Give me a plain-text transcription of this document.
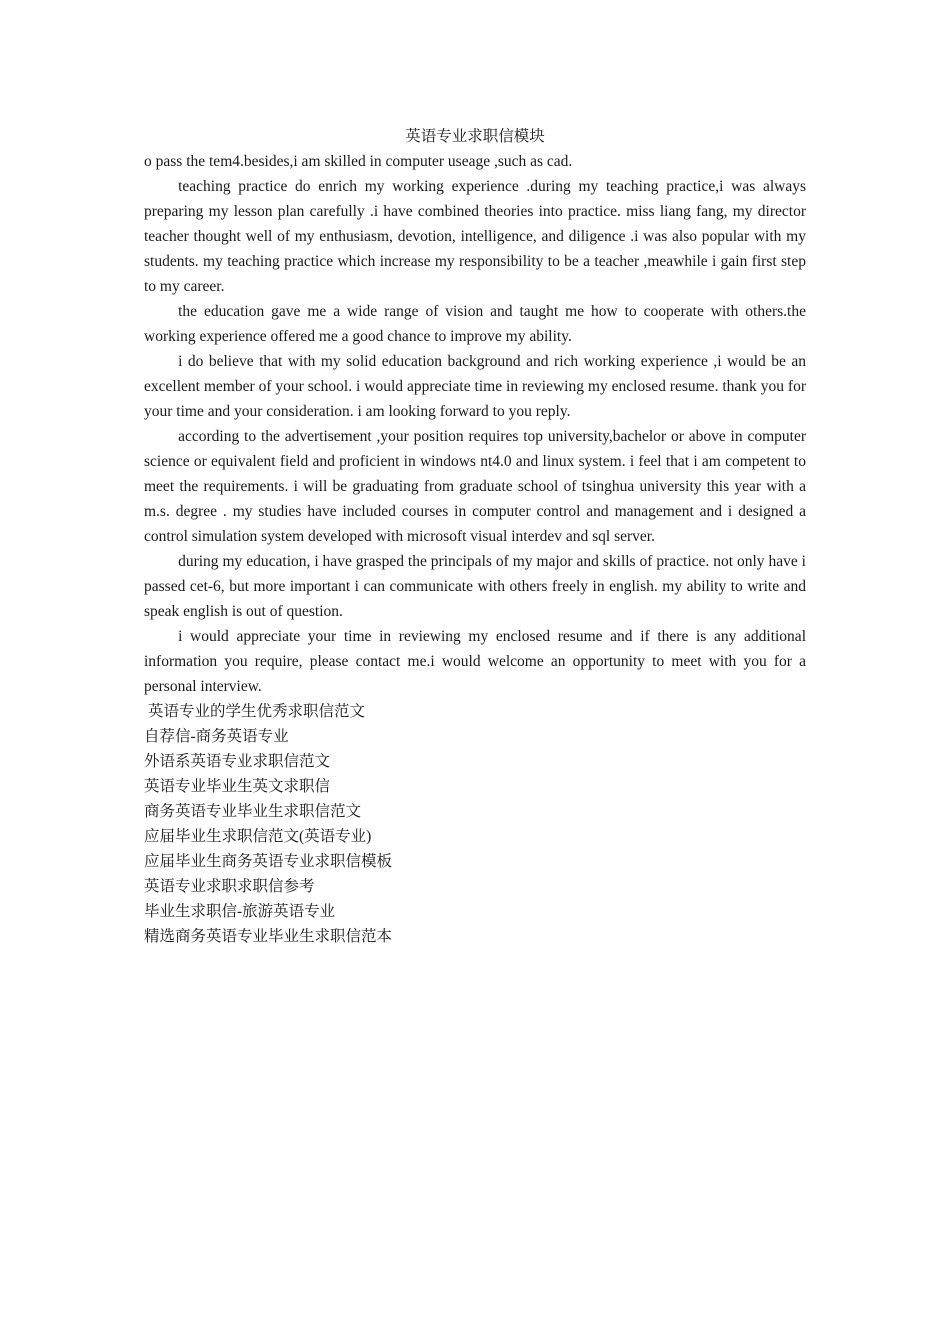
英语专业求职信模块

o pass the tem4.besides,i am skilled in computer useage ,such as cad.

teaching practice do enrich my working experience .during my teaching practice,i was always preparing my lesson plan carefully .i have combined theories into practice. miss liang fang, my director teacher thought well of my enthusiasm, devotion, intelligence, and diligence .i was also popular with my students. my teaching practice which increase my responsibility to be a teacher ,meawhile i gain first step to my career.

the education gave me a wide range of vision and taught me how to cooperate with others.the working experience offered me a good chance to improve my ability.

i do believe that with my solid education background and rich working experience ,i would be an excellent member of your school. i would appreciate time in reviewing my enclosed resume. thank you for your time and your consideration. i am looking forward to you reply.

according to the advertisement ,your position requires top university,bachelor or above in computer science or equivalent field and proficient in windows nt4.0 and linux system. i feel that i am competent to meet the requirements. i will be graduating from graduate school of tsinghua university this year with a m.s. degree . my studies have included courses in computer control and management and i designed a control simulation system developed with microsoft visual interdev and sql server.

during my education, i have grasped the principals of my major and skills of practice. not only have i passed cet-6, but more important i can communicate with others freely in english. my ability to write and speak english is out of question.

i would appreciate your time in reviewing my enclosed resume and if there is any additional information you require, please contact me.i would welcome an opportunity to meet with you for a personal interview.

英语专业的学生优秀求职信范文
自荐信-商务英语专业
外语系英语专业求职信范文
英语专业毕业生英文求职信
商务英语专业毕业生求职信范文
应届毕业生求职信范文(英语专业)
应届毕业生商务英语专业求职信模板
英语专业求职求职信参考
毕业生求职信-旅游英语专业
精选商务英语专业毕业生求职信范本
